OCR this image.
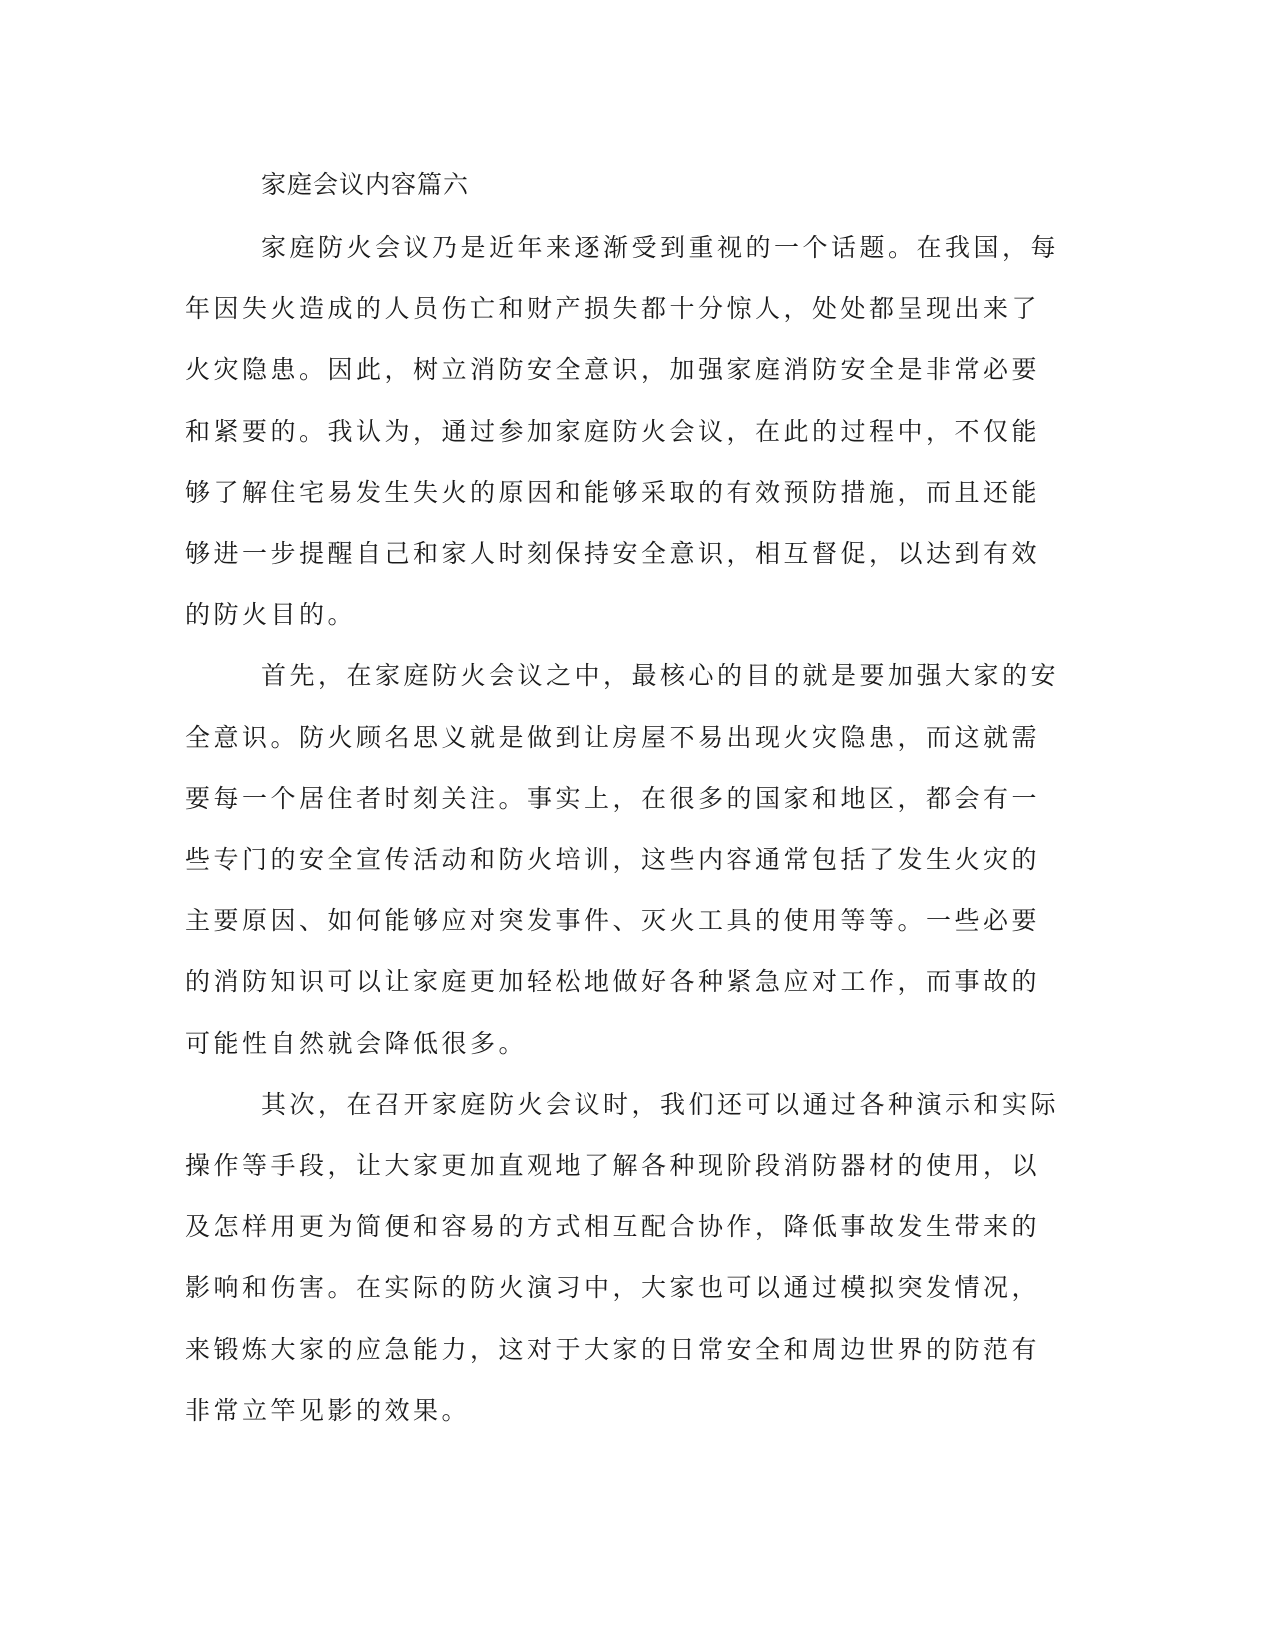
家庭会议内容篇六

家庭防火会议乃是近年来逐渐受到重视的一个话题。在我国，每
年因失火造成的人员伤亡和财产损失都十分惊人，处处都呈现出来了
火灾隐患。因此，树立消防安全意识，加强家庭消防安全是非常必要
和紧要的。我认为，通过参加家庭防火会议，在此的过程中，不仅能
够了解住宅易发生失火的原因和能够采取的有效预防措施，而且还能
够进一步提醒自己和家人时刻保持安全意识，相互督促，以达到有效
的防火目的。

首先，在家庭防火会议之中，最核心的目的就是要加强大家的安
全意识。防火顾名思义就是做到让房屋不易出现火灾隐患，而这就需
要每一个居住者时刻关注。事实上，在很多的国家和地区，都会有一
些专门的安全宣传活动和防火培训，这些内容通常包括了发生火灾的
主要原因、如何能够应对突发事件、灭火工具的使用等等。一些必要
的消防知识可以让家庭更加轻松地做好各种紧急应对工作，而事故的
可能性自然就会降低很多。

其次，在召开家庭防火会议时，我们还可以通过各种演示和实际
操作等手段，让大家更加直观地了解各种现阶段消防器材的使用，以
及怎样用更为简便和容易的方式相互配合协作，降低事故发生带来的
影响和伤害。在实际的防火演习中，大家也可以通过模拟突发情况，
来锻炼大家的应急能力，这对于大家的日常安全和周边世界的防范有
非常立竿见影的效果。
